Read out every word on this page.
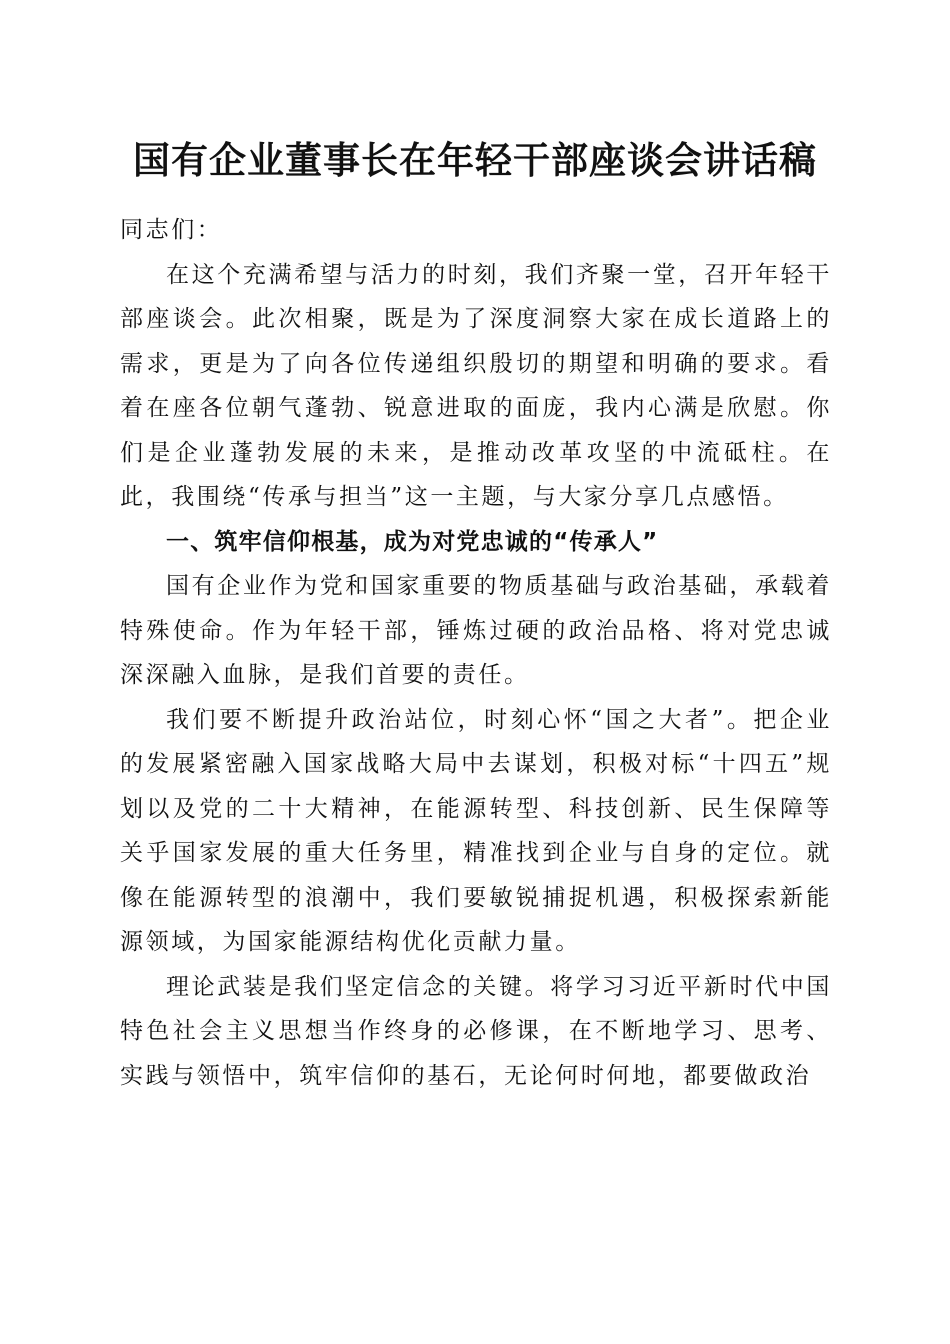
国有企业董事长在年轻干部座谈会讲话稿

同志们：

在这个充满希望与活力的时刻，我们齐聚一堂，召开年轻干部座谈会。此次相聚，既是为了深度洞察大家在成长道路上的需求，更是为了向各位传递组织殷切的期望和明确的要求。看着在座各位朝气蓬勃、锐意进取的面庞，我内心满是欣慰。你们是企业蓬勃发展的未来，是推动改革攻坚的中流砥柱。在此，我围绕“传承与担当”这一主题，与大家分享几点感悟。

一、筑牢信仰根基，成为对党忠诚的“传承人”

国有企业作为党和国家重要的物质基础与政治基础，承载着特殊使命。作为年轻干部，锤炼过硬的政治品格、将对党忠诚深深融入血脉，是我们首要的责任。

我们要不断提升政治站位，时刻心怀“国之大者”。把企业的发展紧密融入国家战略大局中去谋划，积极对标“十四五”规划以及党的二十大精神，在能源转型、科技创新、民生保障等关乎国家发展的重大任务里，精准找到企业与自身的定位。就像在能源转型的浪潮中，我们要敏锐捕捉机遇，积极探索新能源领域，为国家能源结构优化贡献力量。

理论武装是我们坚定信念的关键。将学习习近平新时代中国特色社会主义思想当作终身的必修课，在不断地学习、思考、实践与领悟中，筑牢信仰的基石，无论何时何地，都要做政治
